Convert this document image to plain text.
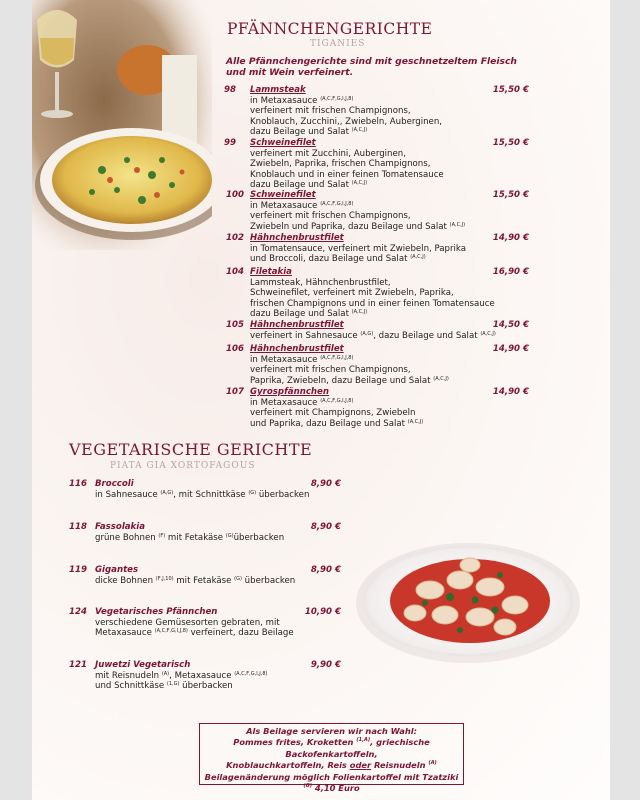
PFÄNNCHENGERICHTE
TIGANIES
Alle Pfännchengerichte sind mit geschnetzeltem Fleisch
und mit Wein verfeinert.
98	Lammsteak	15,50 €
in Metaxasauce $^{(A,C,F,G,I,J,8)}$
verfeinert mit frischen Champignons,
Knoblauch, Zucchini,, Zwiebeln, Auberginen,
dazu Beilage und Salat $^{(A,C,J)}$
99	Schweinefilet	15,50 €
verfeinert mit Zucchini, Auberginen,
Zwiebeln, Paprika, frischen Champignons,
Knoblauch und in einer feinen Tomatensauce
dazu Beilage und Salat $^{(A,C,J)}$
100 Schweinefilet	15,50 €
in Metaxasauce $^{(A,C,F,G,I,J,8)}$
verfeinert mit frischen Champignons,
Zwiebeln und Paprika, dazu Beilage und Salat $^{(A,C,J)}$
102 Hähnchenbrustfilet	14,90 €
in Tomatensauce, verfeinert mit Zwiebeln, Paprika
und Broccoli, dazu Beilage und Salat $^{(A,C,J)}$
104 Filetakia	16,90 €
Lammsteak, Hähnchenbrustfilet,
Schweinefilet, verfeinert mit Zwiebeln, Paprika,
frischen Champignons und in einer feinen Tomatensauce
dazu Beilage und Salat $^{(A,C,J)}$
105 Hähnchenbrustfilet	14,50 €
verfeinert in Sahnesauce $^{(A,G)}$, dazu Beilage und Salat $^{(A,C,J)}$
106 Hähnchenbrustfilet	14,90 €
in Metaxasauce $^{(A,C,F,G,I,J,8)}$
verfeinert mit frischen Champignons,
Paprika, Zwiebeln, dazu Beilage und Salat $^{(A,C,J)}$
107 Gyrospfännchen	14,90 €
in Metaxasauce $^{(A,C,F,G,I,J,8)}$
verfeinert mit Champignons, Zwiebeln
und Paprika, dazu Beilage und Salat $^{(A,C,J)}$
VEGETARISCHE GERICHTE
PIATA GIA XORTOFAGOUS
116 Broccoli	8,90 €
in Sahnesauce $^{(A,G)}$, mit Schnittkäse $^{(G)}$ überbacken
118 Fassolakia	8,90 €
grüne Bohnen $^{(F)}$ mit Fetakäse $^{(G)}$überbacken
119 Gigantes	8,90 €
dicke Bohnen $^{(F,J,10)}$ mit Fetakäse $^{(G)}$ überbacken
124 Vegetarisches Pfännchen	10,90 €
verschiedene Gemüsesorten gebraten, mit
Metaxasauce $^{(A,C,F,G,I,J,8)}$ verfeinert, dazu Beilage
121 Juwetzi Vegetarisch	9,90 €
mit Reisnudeln $^{(A)}$, Metaxasauce $^{(A,C,F,G,I,J,8)}$
und Schnittkäse $^{(1,G)}$ überbacken
Als Beilage servieren wir nach Wahl:
Pommes frites, Kroketten $^{(1,A)}$, griechische Backofenkartoffeln,
Knoblauchkartoffeln, Reis oder Reisnudeln $^{(A)}$
Beilagenänderung möglich Folienkartoffel mit Tzatziki $^{(G)}$ 4,10 Euro
